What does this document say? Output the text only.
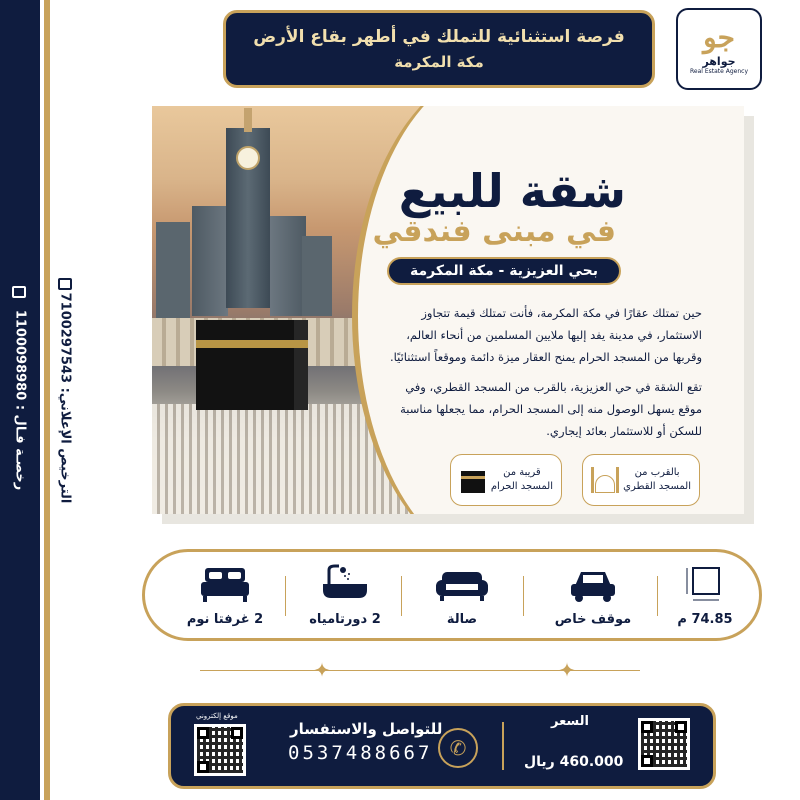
رخصـة فـال : 1100098980
الترخيص الإعلاني: 7100297543
جو
جواهر
Real Estate Agency
فرصة استثنائية للتملك في أطهر بقاع الأرض
مكة المكرمة
شقة للبيع
في مبنى فندقي
بحي العزيزية - مكة المكرمة
حين تمتلك عقارًا في مكة المكرمة، فأنت تمتلك قيمة تتجاوز الاستثمار، في مدينة يفد إليها ملايين المسلمين من أنحاء العالم، وقربها من المسجد الحرام يمنح العقار ميزة دائمة وموقعاً استثنائيًا.
تقع الشقة في حي العزيزية، بالقرب من المسجد القطري، وفي موقع يسهل الوصول منه إلى المسجد الحرام، مما يجعلها مناسبة للسكن أو للاستثمار بعائد إيجاري.
بالقرب من
المسجد القطري
قريبة من
المسجد الحرام
74.85 م
موقف خاص
صالة
2 دورتامياه
2 غرفتا نوم
✦	✦
موقع إلكتروني
للتواصل والاستفسار
0537488667 ✆
السعر
460.000 ريال
